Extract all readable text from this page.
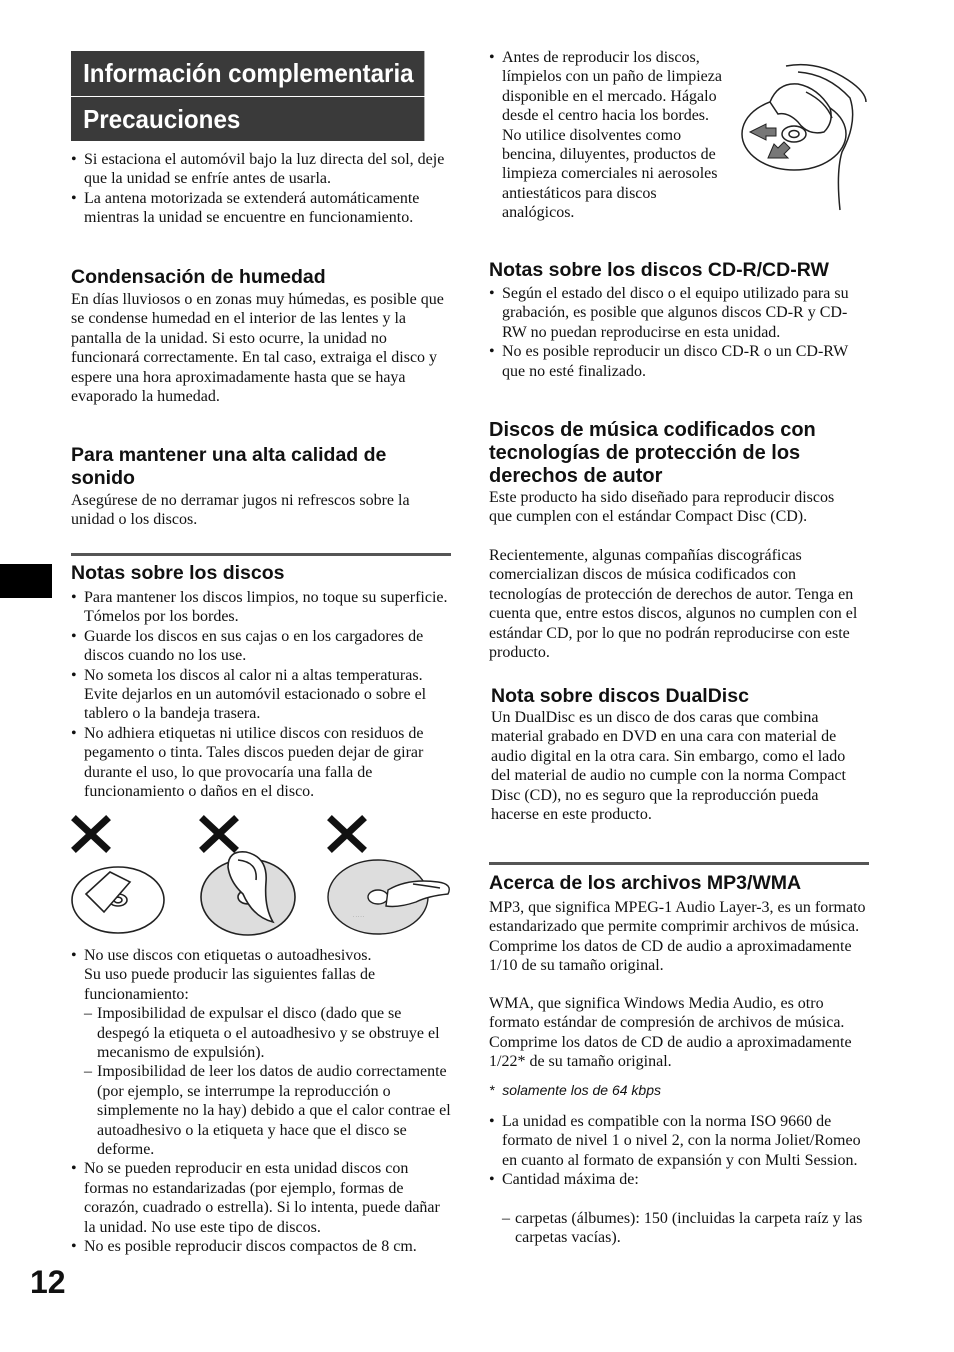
Información complementaria
Precauciones
• Si estaciona el automóvil bajo la luz directa del sol, deje que la unidad se enfríe antes de usarla.
• La antena motorizada se extenderá automáticamente mientras la unidad se encuentre en funcionamiento.
Condensación de humedad
En días lluviosos o en zonas muy húmedas, es posible que se condense humedad en el interior de las lentes y la pantalla de la unidad. Si esto ocurre, la unidad no funcionará correctamente. En tal caso, extraiga el disco y espere una hora aproximadamente hasta que se haya evaporado la humedad.
Para mantener una alta calidad de sonido
Asegúrese de no derramar jugos ni refrescos sobre la unidad o los discos.
Notas sobre los discos
• Para mantener los discos limpios, no toque su superficie. Tómelos por los bordes.
• Guarde los discos en sus cajas o en los cargadores de discos cuando no los use.
• No someta los discos al calor ni a altas temperaturas. Evite dejarlos en un automóvil estacionado o sobre el tablero o la bandeja trasera.
• No adhiera etiquetas ni utilice discos con residuos de pegamento o tinta. Tales discos pueden dejar de girar durante el uso, lo que provocaría una falla de funcionamiento o daños en el disco.
· · · · ·
• No use discos con etiquetas o autoadhesivos.
Su uso puede producir las siguientes fallas de funcionamiento:
– Imposibilidad de expulsar el disco (dado que se despegó la etiqueta o el autoadhesivo y se obstruye el mecanismo de expulsión).
– Imposibilidad de leer los datos de audio correctamente (por ejemplo, se interrumpe la reproducción o simplemente no la hay) debido a que el calor contrae el autoadhesivo o la etiqueta y hace que el disco se deforme.
• No se pueden reproducir en esta unidad discos con formas no estandarizadas (por ejemplo, formas de corazón, cuadrado o estrella). Si lo intenta, puede dañar la unidad. No use este tipo de discos.
• No es posible reproducir discos compactos de 8 cm.
12
• Antes de reproducir los discos, límpielos con un paño de limpieza disponible en el mercado. Hágalo desde el centro hacia los bordes. No utilice disolventes como bencina, diluyentes, productos de limpieza comerciales ni aerosoles antiestáticos para discos analógicos.
Notas sobre los discos CD-R/CD-RW
• Según el estado del disco o el equipo utilizado para su grabación, es posible que algunos discos CD-R y CD-RW no puedan reproducirse en esta unidad.
• No es posible reproducir un disco CD-R o un CD-RW que no esté finalizado.
Discos de música codificados con tecnologías de protección de los derechos de autor
Este producto ha sido diseñado para reproducir discos que cumplen con el estándar Compact Disc (CD).
Recientemente, algunas compañías discográficas comercializan discos de música codificados con tecnologías de protección de derechos de autor. Tenga en cuenta que, entre estos discos, algunos no cumplen con el estándar CD, por lo que no podrán reproducirse con este producto.
Nota sobre discos DualDisc
Un DualDisc es un disco de dos caras que combina material grabado en DVD en una cara con material de audio digital en la otra cara. Sin embargo, como el lado del material de audio no cumple con la norma Compact Disc (CD), no es seguro que la reproducción pueda hacerse en este producto.
Acerca de los archivos MP3/WMA
MP3, que significa MPEG-1 Audio Layer-3, es un formato estandarizado que permite comprimir archivos de música. Comprime los datos de CD de audio a aproximadamente 1/10 de su tamaño original.
WMA, que significa Windows Media Audio, es otro formato estándar de compresión de archivos de música. Comprime los datos de CD de audio a aproximadamente 1/22* de su tamaño original.
* solamente los de 64 kbps
• La unidad es compatible con la norma ISO 9660 de formato de nivel 1 o nivel 2, con la norma Joliet/Romeo en cuanto al formato de expansión y con Multi Session.
• Cantidad máxima de:
– carpetas (álbumes): 150 (incluidas la carpeta raíz y las carpetas vacías).
